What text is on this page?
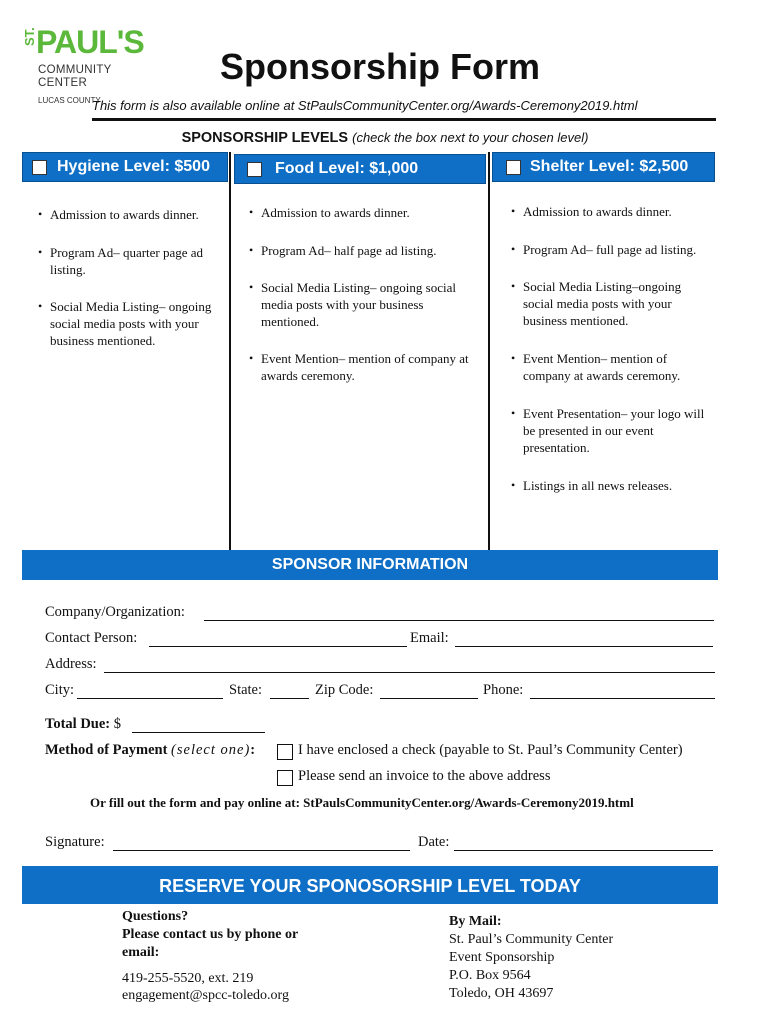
ST. PAUL'S
COMMUNITY
CENTER
LUCAS COUNTY
Sponsorship Form
This form is also available online at StPaulsCommunityCenter.org/Awards-Ceremony2019.html
SPONSORSHIP LEVELS (check the box next to your chosen level)
Hygiene Level: $500	Food Level: $1,000	Shelter Level: $2,500
• Admission to awards dinner.
• Program Ad– quarter page ad listing.
• Social Media Listing– ongoing social media posts with your business mentioned.
• Admission to awards dinner.
• Program Ad– half page ad listing.
• Social Media Listing– ongoing social media posts with your business mentioned.
• Event Mention– mention of company at awards ceremony.
• Admission to awards dinner.
• Program Ad– full page ad listing.
• Social Media Listing–ongoing social media posts with your business mentioned.
• Event Mention– mention of company at awards ceremony.
• Event Presentation– your logo will be presented in our event presentation.
• Listings in all news releases.
SPONSOR INFORMATION
Company/Organization:
Contact Person:	Email:
Address:
City:	State:	Zip Code:	Phone:
Total Due: $
Method of Payment (select one):	I have enclosed a check (payable to St. Paul’s Community Center)
Please send an invoice to the above address
Or fill out the form and pay online at: StPaulsCommunityCenter.org/Awards-Ceremony2019.html
Signature:	Date:
RESERVE YOUR SPONOSORSHIP LEVEL TODAY
Questions?
Please contact us by phone or email:
419-255-5520, ext. 219
engagement@spcc-toledo.org
By Mail:
St. Paul’s Community Center
Event Sponsorship
P.O. Box 9564
Toledo, OH 43697
